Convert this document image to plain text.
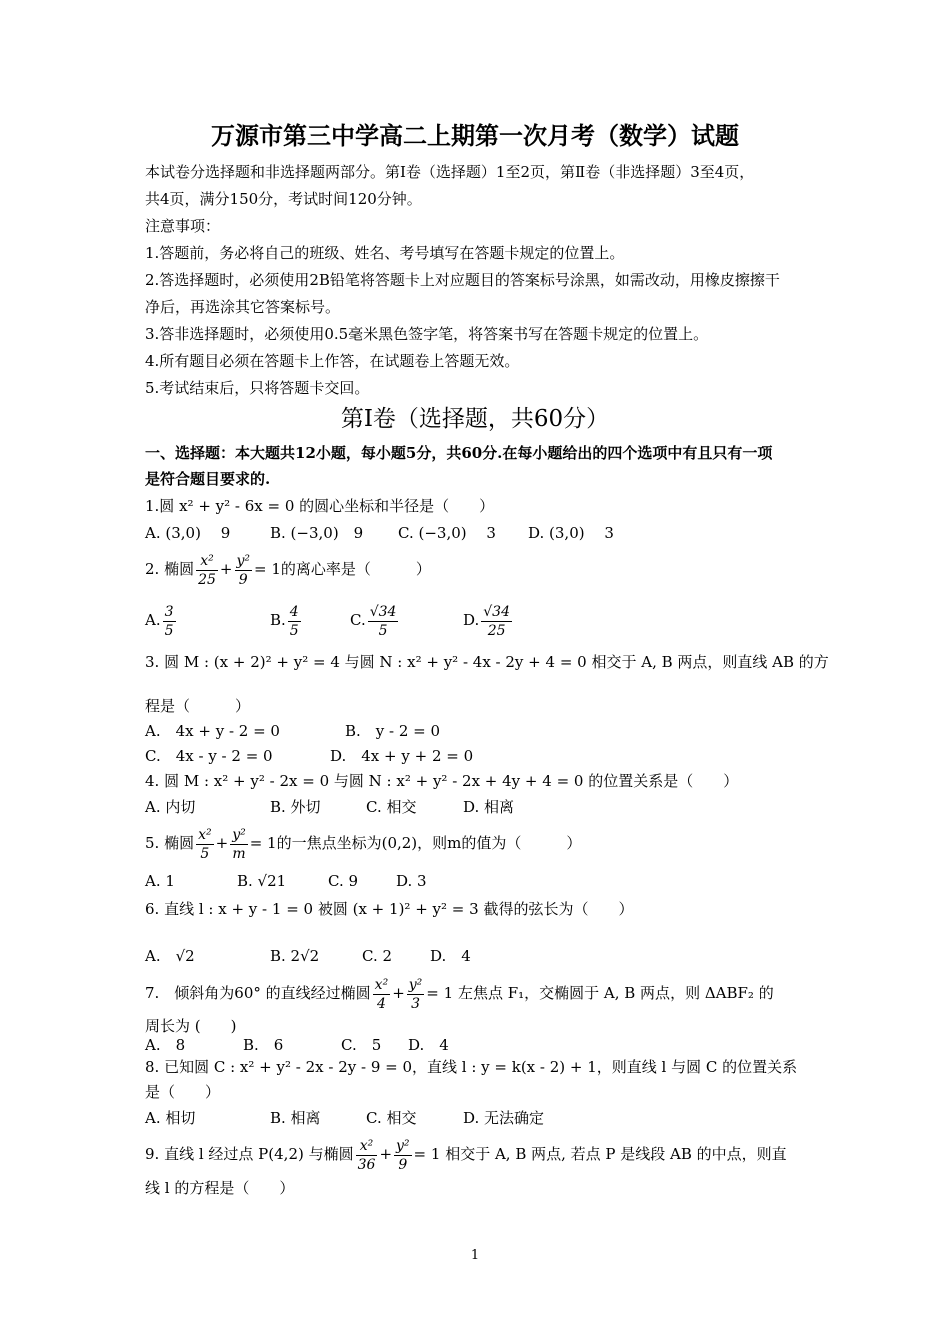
万源市第三中学高二上期第一次月考（数学）试题
本试卷分选择题和非选择题两部分。第Ⅰ卷（选择题）1至2页，第Ⅱ卷（非选择题）3至4页，
共4页，满分150分，考试时间120分钟。
注意事项：
1.答题前，务必将自己的班级、姓名、考号填写在答题卡规定的位置上。
2.答选择题时，必须使用2B铅笔将答题卡上对应题目的答案标号涂黑，如需改动，用橡皮擦擦干
净后，再选涂其它答案标号。
3.答非选择题时，必须使用0.5毫米黑色签字笔，将答案书写在答题卡规定的位置上。
4.所有题目必须在答题卡上作答，在试题卷上答题无效。
5.考试结束后，只将答题卡交回。
第Ⅰ卷（选择题，共60分）
一、选择题：本大题共12小题，每小题5分，共60分.在每小题给出的四个选项中有且只有一项
是符合题目要求的.
1.圆 x² + y² - 6x = 0 的圆心坐标和半径是（　　）
A. (3,0)　 9	B. (−3,0)　9 C. (−3,0)　 3 D. (3,0)　 3
2. 椭圆 $\frac{\text{x²}}{25} + \frac{\text{y²}}{9} = 1$的离心率是（　　　）
A. $\frac{3}{5}$	B. $\frac{4}{5}$	C. $\frac{√34}{5}$	D. $\frac{√34}{25}$
3. 圆 M : (x + 2)² + y² = 4 与圆 N : x² + y² - 4x - 2y + 4 = 0 相交于 A, B 两点，则直线 AB 的方
程是（　　　）
A.　4x + y - 2 = 0	B.　y - 2 = 0
C.　4x - y - 2 = 0	D.　4x + y + 2 = 0
4. 圆 M : x² + y² - 2x = 0 与圆 N : x² + y² - 2x + 4y + 4 = 0 的位置关系是（　　）
A. 内切	B. 外切	C. 相交	D. 相离
5. 椭圆 $\frac{\text{x²}}{5} + \frac{\text{y²}}{m} = 1$的一焦点坐标为(0,2)，则m的值为（　　　）
A. 1	B. √21	C. 9	D. 3
6. 直线 l : x + y - 1 = 0 被圆 (x + 1)² + y² = 3 截得的弦长为（　　）
A.　√2	B. 2√2	C. 2	D.　4
7.　倾斜角为60° 的直线经过椭圆 $\frac{\text{x²}}{4} + \frac{\text{y²}}{3} = 1$ 左焦点 F₁，交椭圆于 A, B 两点，则 ΔABF₂ 的
周长为 (　　)
A.　8	B.　6	C.　5 D.　4
8. 已知圆 C : x² + y² - 2x - 2y - 9 = 0，直线 l : y = k(x - 2) + 1，则直线 l 与圆 C 的位置关系
是（　　）
A. 相切	B. 相离	C. 相交	D. 无法确定
9. 直线 l 经过点 P(4,2) 与椭圆 $\frac{\text{x²}}{36} + \frac{\text{y²}}{9} = 1$ 相交于 A, B 两点, 若点 P 是线段 AB 的中点，则直
线 l 的方程是（　　）
1
